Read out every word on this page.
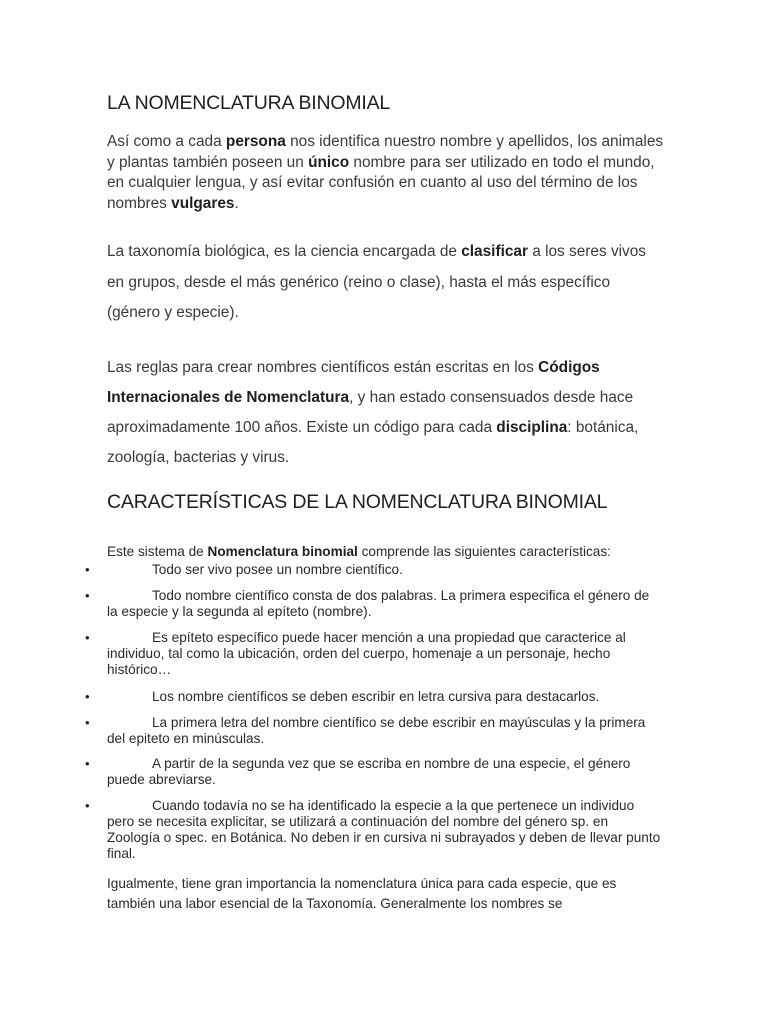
LA NOMENCLATURA BINOMIAL

Así como a cada persona nos identifica nuestro nombre y apellidos, los animales y plantas también poseen un único nombre para ser utilizado en todo el mundo, en cualquier lengua, y así evitar confusión en cuanto al uso del término de los nombres vulgares.

La taxonomía biológica, es la ciencia encargada de clasificar a los seres vivos en grupos, desde el más genérico (reino o clase), hasta el más específico (género y especie).

Las reglas para crear nombres científicos están escritas en los Códigos Internacionales de Nomenclatura, y han estado consensuados desde hace aproximadamente 100 años. Existe un código para cada disciplina: botánica, zoología, bacterias y virus.

CARACTERÍSTICAS DE LA NOMENCLATURA BINOMIAL

Este sistema de Nomenclatura binomial comprende las siguientes características:

•	Todo ser vivo posee un nombre científico.
•	Todo nombre científico consta de dos palabras. La primera especifica el género de la especie y la segunda al epíteto (nombre).
•	Es epíteto específico puede hacer mención a una propiedad que caracterice al individuo, tal como la ubicación, orden del cuerpo, homenaje a un personaje, hecho histórico…
•	Los nombre científicos se deben escribir en letra cursiva para destacarlos.
•	La primera letra del nombre científico se debe escribir en mayúsculas y la primera del epiteto en minúsculas.
•	A partir de la segunda vez que se escriba en nombre de una especie, el género puede abreviarse.
•	Cuando todavía no se ha identificado la especie a la que pertenece un individuo pero se necesita explicitar, se utilizará a continuación del nombre del género sp. en Zoología o spec. en Botánica. No deben ir en cursiva ni subrayados y deben de llevar punto final.

Igualmente, tiene gran importancia la nomenclatura única para cada especie, que es también una labor esencial de la Taxonomía. Generalmente los nombres se
